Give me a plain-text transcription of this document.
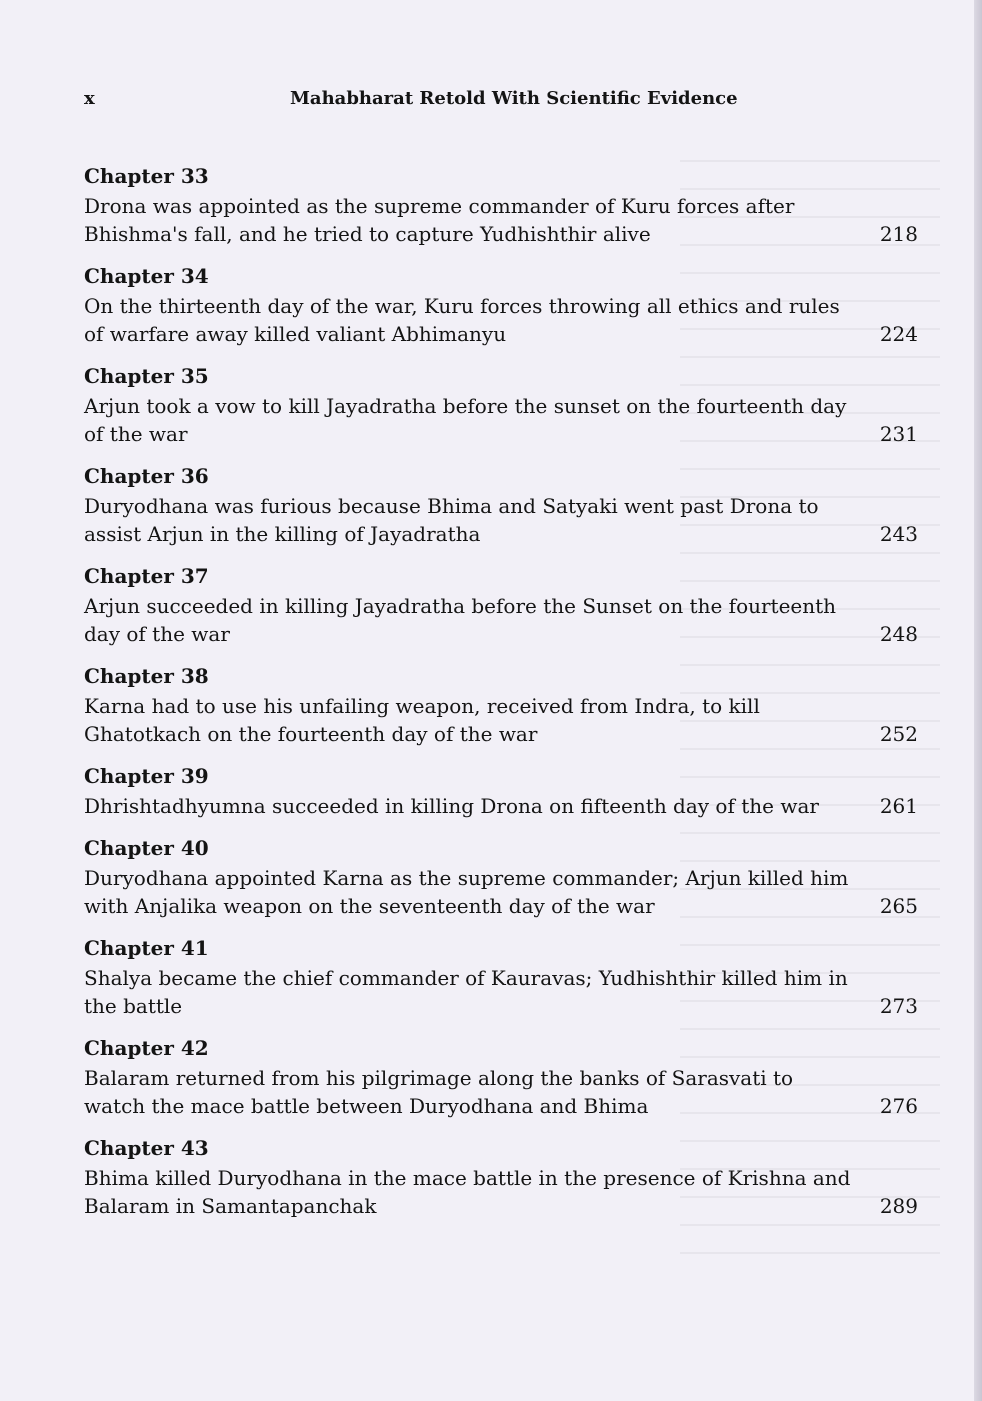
x	Mahabharat Retold With Scientific Evidence
Chapter 33
Drona was appointed as the supreme commander of Kuru forces after Bhishma's fall, and he tried to capture Yudhishthir alive	218
Chapter 34
On the thirteenth day of the war, Kuru forces throwing all ethics and rules of warfare away killed valiant Abhimanyu	224
Chapter 35
Arjun took a vow to kill Jayadratha before the sunset on the fourteenth day of the war	231
Chapter 36
Duryodhana was furious because Bhima and Satyaki went past Drona to assist Arjun in the killing of Jayadratha	243
Chapter 37
Arjun succeeded in killing Jayadratha before the Sunset on the fourteenth day of the war	248
Chapter 38
Karna had to use his unfailing weapon, received from Indra, to kill Ghatotkach on the fourteenth day of the war	252
Chapter 39
Dhrishtadhyumna succeeded in killing Drona on fifteenth day of the war	261
Chapter 40
Duryodhana appointed Karna as the supreme commander; Arjun killed him with Anjalika weapon on the seventeenth day of the war	265
Chapter 41
Shalya became the chief commander of Kauravas; Yudhishthir killed him in the battle	273
Chapter 42
Balaram returned from his pilgrimage along the banks of Sarasvati to watch the mace battle between Duryodhana and Bhima	276
Chapter 43
Bhima killed Duryodhana in the mace battle in the presence of Krishna and Balaram in Samantapanchak	289
